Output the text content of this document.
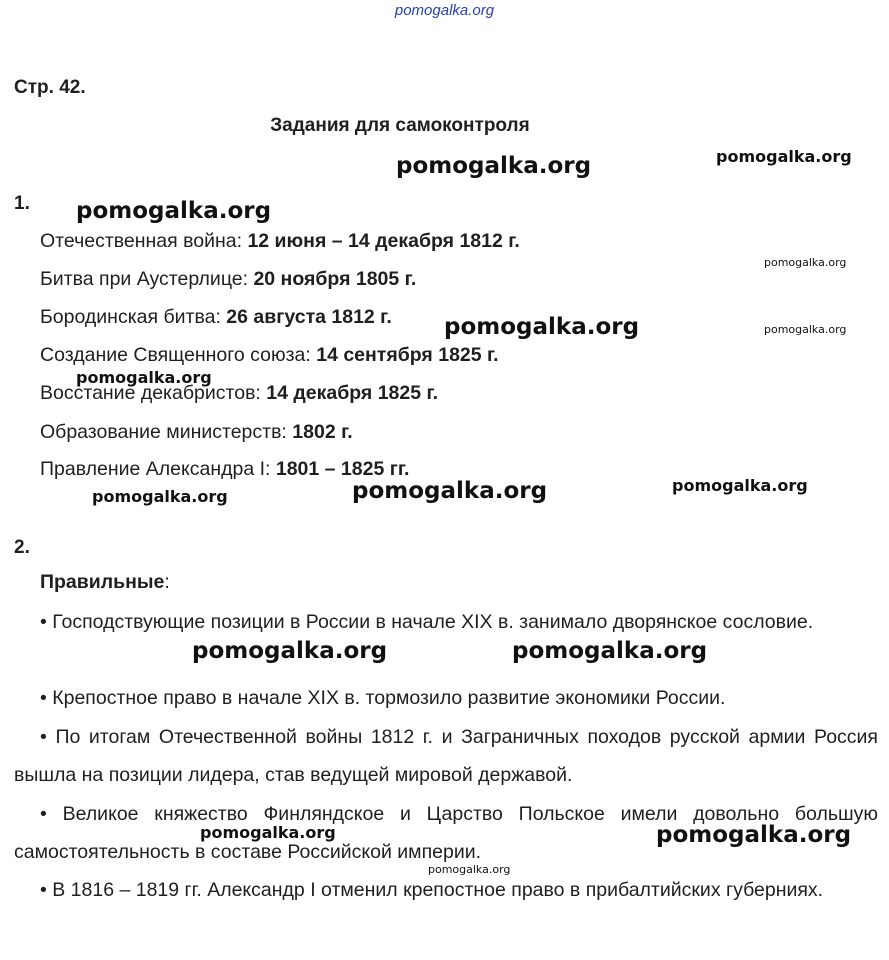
pomogalka.org
Стр. 42.
Задания для самоконтроля
1.
Отечественная война: 12 июня – 14 декабря 1812 г.
Битва при Аустерлице: 20 ноября 1805 г.
Бородинская битва: 26 августа 1812 г.
Создание Священного союза: 14 сентября 1825 г.
Восстание декабристов: 14 декабря 1825 г.
Образование министерств: 1802 г.
Правление Александра I: 1801 – 1825 гг.
2.
Правильные:
• Господствующие позиции в России в начале XIX в. занимало дворянское сословие.
• Крепостное право в начале XIX в. тормозило развитие экономики России.
• По итогам Отечественной войны 1812 г. и Заграничных походов русской армии Россия вышла на позиции лидера, став ведущей мировой державой.
• Великое княжество Финляндское и Царство Польское имели довольно большую самостоятельность в составе Российской империи.
• В 1816 – 1819 гг. Александр I отменил крепостное право в прибалтийских губерниях.
pomogalka.org	pomogalka.org
pomogalka.org
pomogalka.org
pomogalka.org	pomogalka.org
pomogalka.org
pomogalka.org	pomogalka.org
pomogalka.org
pomogalka.org	pomogalka.org
pomogalka.org	pomogalka.org
pomogalka.org
